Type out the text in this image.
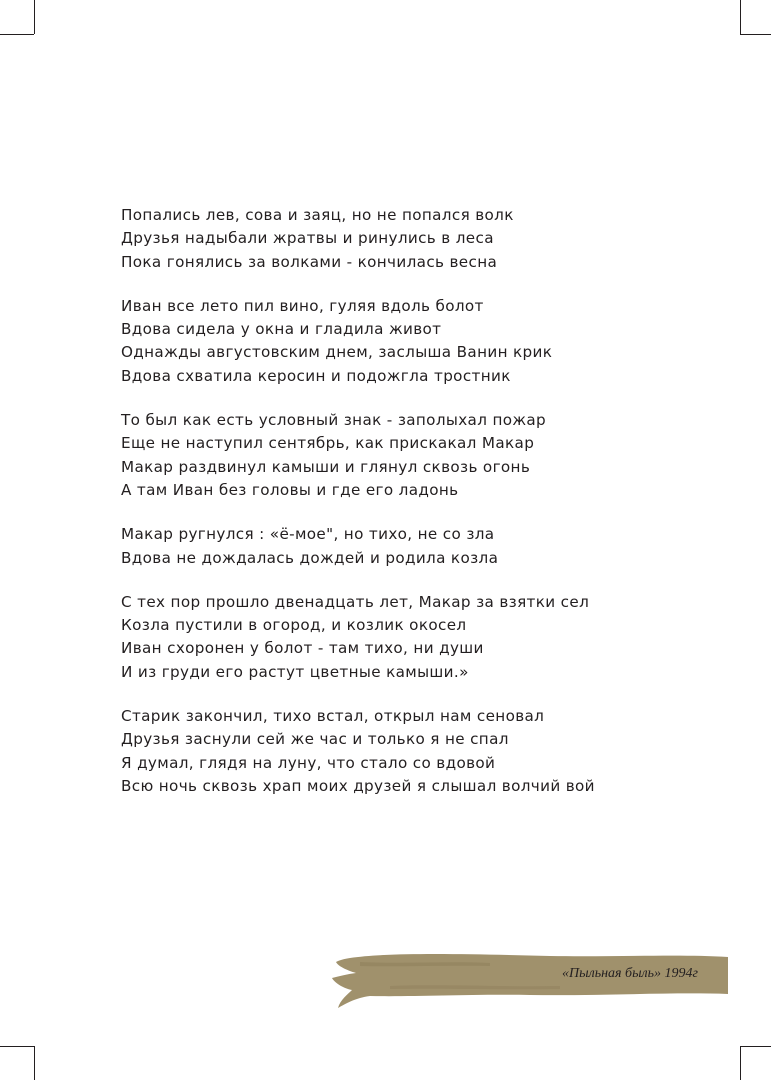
Попались лев, сова и заяц, но не попался волк
Друзья надыбали жратвы и ринулись в леса
Пока гонялись за волками - кончилась весна
Иван все лето пил вино, гуляя вдоль болот
Вдова сидела у окна и гладила живот
Однажды августовским днем, заслыша Ванин крик
Вдова схватила керосин и подожгла тростник
То был как есть условный знак - заполыхал пожар
Еще не наступил сентябрь, как прискакал Макар
Макар раздвинул камыши и глянул сквозь огонь
А там Иван без головы и где его ладонь
Макар ругнулся : «ё-мое", но тихо, не со зла
Вдова не дождалась дождей и родила козла
С тех пор прошло двенадцать лет, Макар за взятки сел
Козла пустили в огород, и козлик окосел
Иван схоронен у болот - там тихо, ни души
И из груди его растут цветные камыши.»
Старик закончил, тихо встал, открыл нам сеновал
Друзья заснули сей же час и только я не спал
Я думал, глядя на луну, что стало со вдовой
Всю ночь сквозь храп моих друзей я слышал волчий вой
«Пыльная быль» 1994г
